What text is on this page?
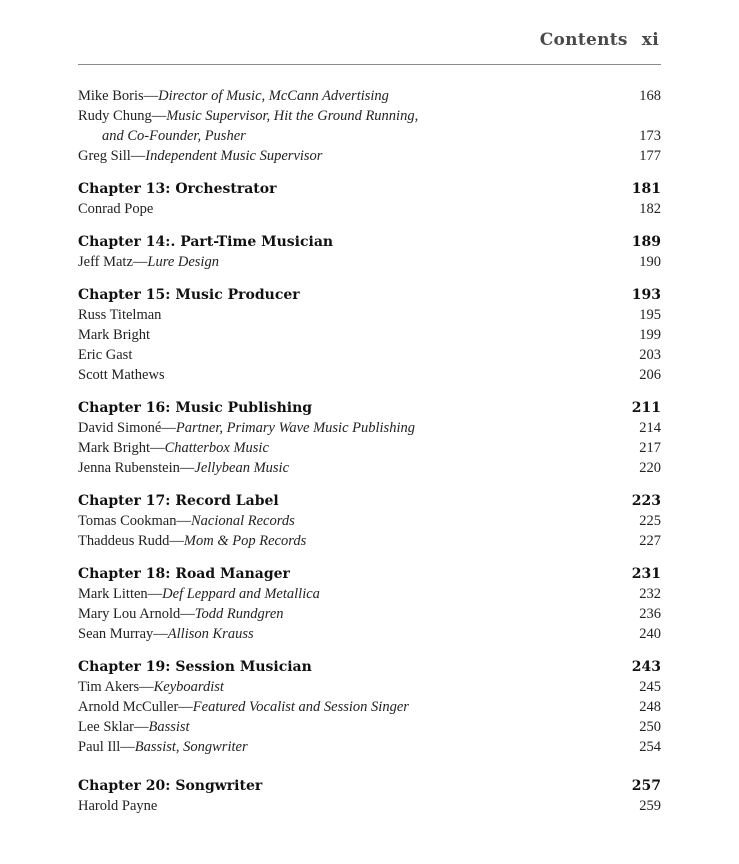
Contents xi
Mike Boris—Director of Music, McCann Advertising	168
Rudy Chung—Music Supervisor, Hit the Ground Running,
and Co-Founder, Pusher	173
Greg Sill—Independent Music Supervisor	177
Chapter 13: Orchestrator	181
Conrad Pope	182
Chapter 14:. Part-Time Musician	189
Jeff Matz—Lure Design	190
Chapter 15: Music Producer	193
Russ Titelman	195
Mark Bright	199
Eric Gast	203
Scott Mathews	206
Chapter 16: Music Publishing	211
David Simoné—Partner, Primary Wave Music Publishing	214
Mark Bright—Chatterbox Music	217
Jenna Rubenstein—Jellybean Music	220
Chapter 17: Record Label	223
Tomas Cookman—Nacional Records	225
Thaddeus Rudd—Mom & Pop Records	227
Chapter 18: Road Manager	231
Mark Litten—Def Leppard and Metallica	232
Mary Lou Arnold—Todd Rundgren	236
Sean Murray—Allison Krauss	240
Chapter 19: Session Musician	243
Tim Akers—Keyboardist	245
Arnold McCuller—Featured Vocalist and Session Singer	248
Lee Sklar—Bassist	250
Paul Ill—Bassist, Songwriter	254
Chapter 20: Songwriter	257
Harold Payne	259
